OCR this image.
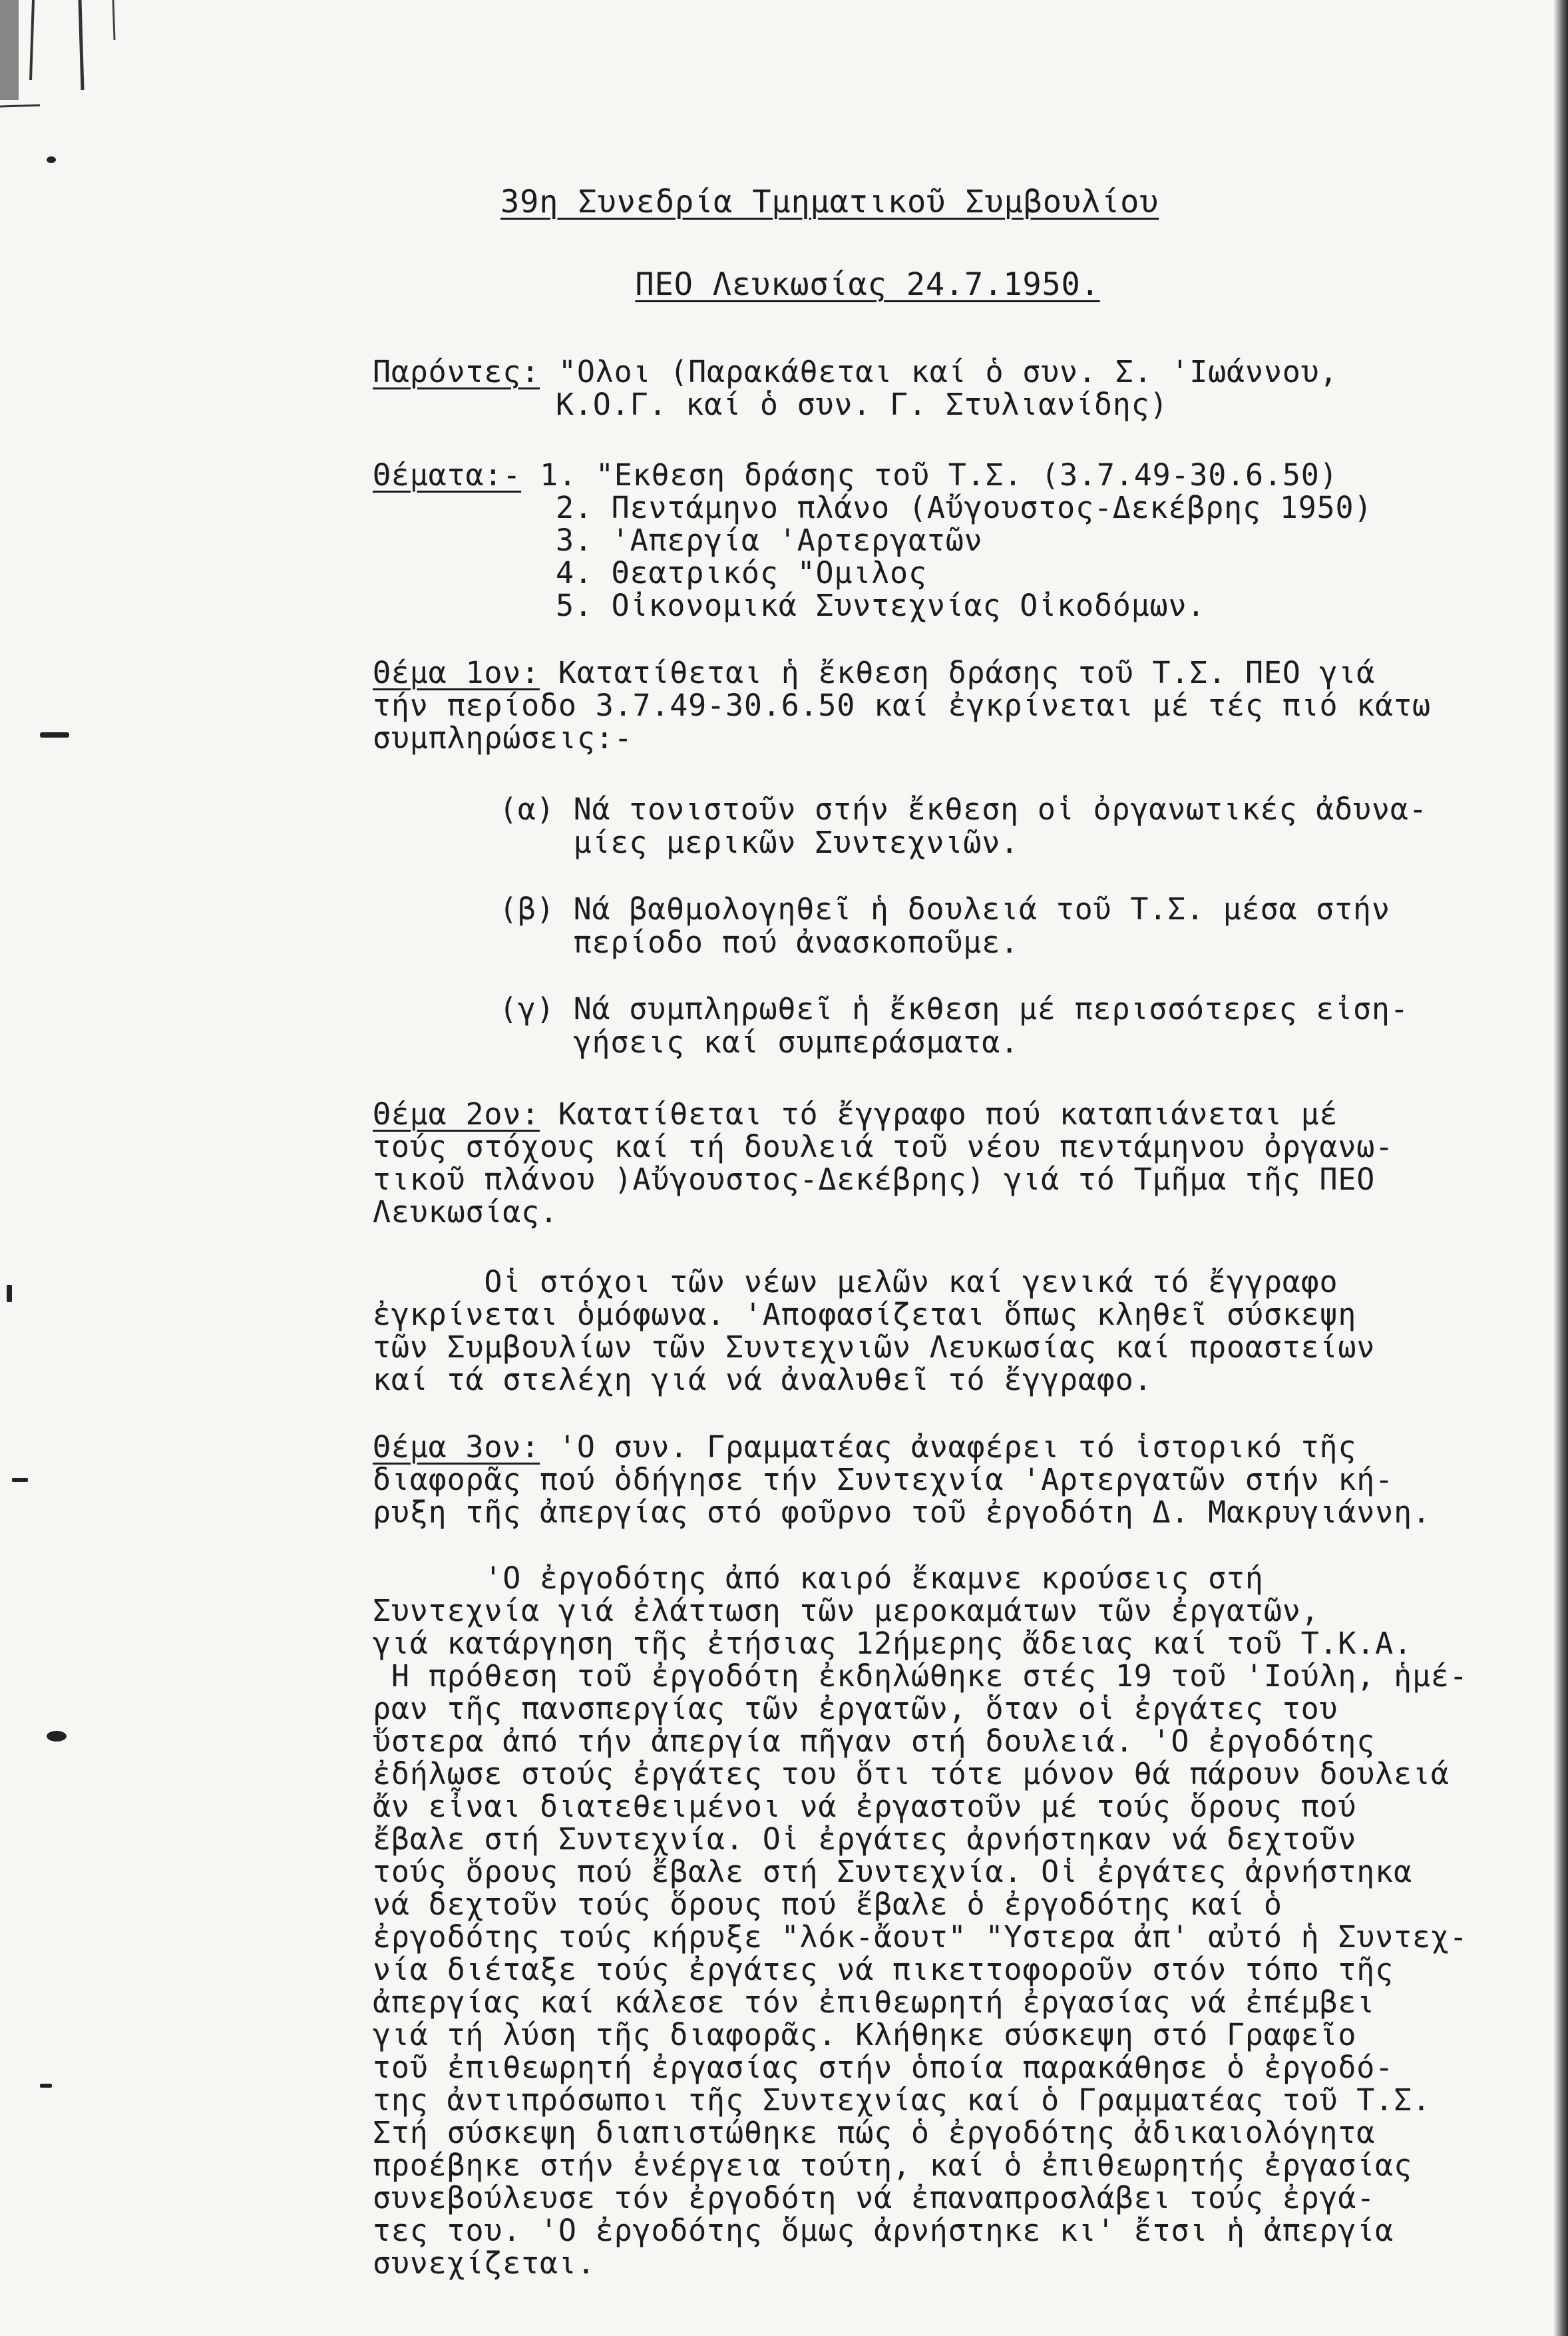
39η Συνεδρία Τμηματικοῦ Συμβουλίου

ΠΕΟ Λευκωσίας 24.7.1950.

Παρόντες: "Ολοι (Παρακάθεται καί ὁ συν. Σ. 'Ιωάννου,
Κ.Ο.Γ. καί ὁ συν. Γ. Στυλιανίδης)
Θέματα:- 1. "Εκθεση δράσης τοῦ Τ.Σ. (3.7.49-30.6.50)
2. Πεντάμηνο πλάνο (Αὔγουστος-Δεκέβρης 1950)
3. 'Απεργία 'Αρτεργατῶν
4. Θεατρικός "Ομιλος
5. Οἰκονομικά Συντεχνίας Οἰκοδόμων.
Θέμα 1ον: Κατατίθεται ἡ ἔκθεση δράσης τοῦ Τ.Σ. ΠΕΟ γιά
τήν περίοδο 3.7.49-30.6.50 καί ἐγκρίνεται μέ τές πιό κάτω
συμπληρώσεις:-
(α) Νά τονιστοῦν στήν ἔκθεση οἱ ὀργανωτικές ἀδυνα-
μίες μερικῶν Συντεχνιῶν.
(β) Νά βαθμολογηθεῖ ἡ δουλειά τοῦ Τ.Σ. μέσα στήν
περίοδο πού ἀνασκοποῦμε.
(γ) Νά συμπληρωθεῖ ἡ ἔκθεση μέ περισσότερες εἰση-
γήσεις καί συμπεράσματα.
Θέμα 2ον: Κατατίθεται τό ἔγγραφο πού καταπιάνεται μέ
τούς στόχους καί τή δουλειά τοῦ νέου πεντάμηνου ὀργανω-
τικοῦ πλάνου )Αὔγουστος-Δεκέβρης) γιά τό Τμῆμα τῆς ΠΕΟ
Λευκωσίας.
Οἱ στόχοι τῶν νέων μελῶν καί γενικά τό ἔγγραφο
ἐγκρίνεται ὁμόφωνα. 'Αποφασίζεται ὅπως κληθεῖ σύσκεψη
τῶν Συμβουλίων τῶν Συντεχνιῶν Λευκωσίας καί προαστείων
καί τά στελέχη γιά νά ἀναλυθεῖ τό ἔγγραφο.
Θέμα 3ον: 'Ο συν. Γραμματέας ἀναφέρει τό ἱστορικό τῆς
διαφορᾶς πού ὁδήγησε τήν Συντεχνία 'Αρτεργατῶν στήν κή-
ρυξη τῆς ἀπεργίας στό φοῦρνο τοῦ ἐργοδότη Δ. Μακρυγιάννη.
'Ο ἐργοδότης ἀπό καιρό ἔκαμνε κρούσεις στή
Συντεχνία γιά ἐλάττωση τῶν μεροκαμάτων τῶν ἐργατῶν,
γιά κατάργηση τῆς ἐτήσιας 12ήμερης ἄδειας καί τοῦ Τ.Κ.Α.
Η πρόθεση τοῦ ἐργοδότη ἐκδηλώθηκε στές 19 τοῦ 'Ιούλη, ἡμέ-
ραν τῆς πανσπεργίας τῶν ἐργατῶν, ὅταν οἱ ἐργάτες του
ὕστερα ἀπό τήν ἀπεργία πῆγαν στή δουλειά. 'Ο ἐργοδότης
ἐδήλωσε στούς ἐργάτες του ὅτι τότε μόνον θά πάρουν δουλειά
ἄν εἶναι διατεθειμένοι νά ἐργαστοῦν μέ τούς ὅρους πού
ἔβαλε στή Συντεχνία. Οἱ ἐργάτες ἀρνήστηκαν νά δεχτοῦν
τούς ὅρους πού ἔβαλε στή Συντεχνία. Οἱ ἐργάτες ἀρνήστηκα
νά δεχτοῦν τούς ὅρους πού ἔβαλε ὁ ἐργοδότης καί ὁ
ἐργοδότης τούς κήρυξε "λόκ-ἄουτ" "Υστερα ἀπ' αὐτό ἡ Συντεχ-
νία διέταξε τούς ἐργάτες νά πικεττοφοροῦν στόν τόπο τῆς
ἀπεργίας καί κάλεσε τόν ἐπιθεωρητή ἐργασίας νά ἐπέμβει
γιά τή λύση τῆς διαφορᾶς. Κλήθηκε σύσκεψη στό Γραφεῖο
τοῦ ἐπιθεωρητή ἐργασίας στήν ὁποία παρακάθησε ὁ ἐργοδό-
της ἀντιπρόσωποι τῆς Συντεχνίας καί ὁ Γραμματέας τοῦ Τ.Σ.
Στή σύσκεψη διαπιστώθηκε πώς ὁ ἐργοδότης ἀδικαιολόγητα
προέβηκε στήν ἐνέργεια τούτη, καί ὁ ἐπιθεωρητής ἐργασίας
συνεβούλευσε τόν ἐργοδότη νά ἐπαναπροσλάβει τούς ἐργά-
τες του. 'Ο ἐργοδότης ὅμως ἀρνήστηκε κι' ἔτσι ἡ ἀπεργία
συνεχίζεται.
